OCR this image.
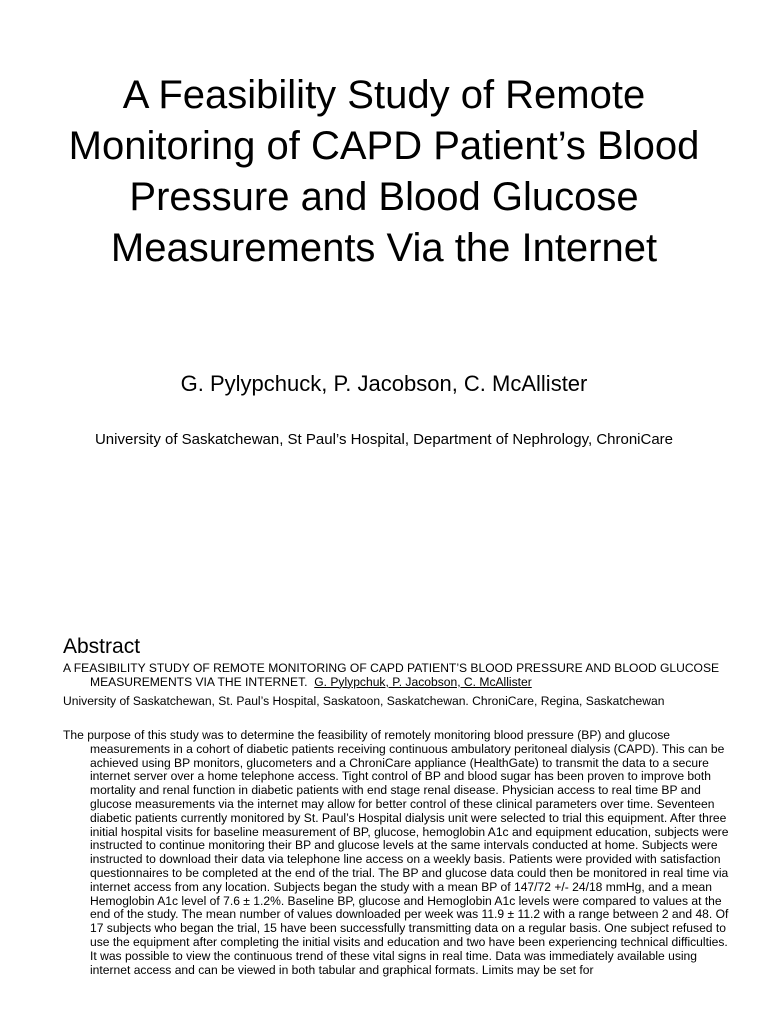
A Feasibility Study of Remote Monitoring of CAPD Patient’s Blood Pressure and Blood Glucose Measurements Via the Internet

G. Pylypchuck, P. Jacobson, C. McAllister

University of Saskatchewan, St Paul’s Hospital, Department of Nephrology, ChroniCare

Abstract

A FEASIBILITY STUDY OF REMOTE MONITORING OF CAPD PATIENT’S BLOOD PRESSURE AND BLOOD GLUCOSE MEASUREMENTS VIA THE INTERNET. G. Pylypchuk, P. Jacobson, C. McAllister

University of Saskatchewan, St. Paul’s Hospital, Saskatoon, Saskatchewan. ChroniCare, Regina, Saskatchewan

The purpose of this study was to determine the feasibility of remotely monitoring blood pressure (BP) and glucose measurements in a cohort of diabetic patients receiving continuous ambulatory peritoneal dialysis (CAPD). This can be achieved using BP monitors, glucometers and a ChroniCare appliance (HealthGate) to transmit the data to a secure internet server over a home telephone access. Tight control of BP and blood sugar has been proven to improve both mortality and renal function in diabetic patients with end stage renal disease. Physician access to real time BP and glucose measurements via the internet may allow for better control of these clinical parameters over time. Seventeen diabetic patients currently monitored by St. Paul’s Hospital dialysis unit were selected to trial this equipment. After three initial hospital visits for baseline measurement of BP, glucose, hemoglobin A1c and equipment education, subjects were instructed to continue monitoring their BP and glucose levels at the same intervals conducted at home. Subjects were instructed to download their data via telephone line access on a weekly basis. Patients were provided with satisfaction questionnaires to be completed at the end of the trial. The BP and glucose data could then be monitored in real time via internet access from any location. Subjects began the study with a mean BP of 147/72 +/- 24/18 mmHg, and a mean Hemoglobin A1c level of 7.6 ± 1.2%. Baseline BP, glucose and Hemoglobin A1c levels were compared to values at the end of the study. The mean number of values downloaded per week was 11.9 ± 11.2 with a range between 2 and 48. Of 17 subjects who began the trial, 15 have been successfully transmitting data on a regular basis. One subject refused to use the equipment after completing the initial visits and education and two have been experiencing technical difficulties. It was possible to view the continuous trend of these vital signs in real time. Data was immediately available using internet access and can be viewed in both tabular and graphical formats. Limits may be set for
